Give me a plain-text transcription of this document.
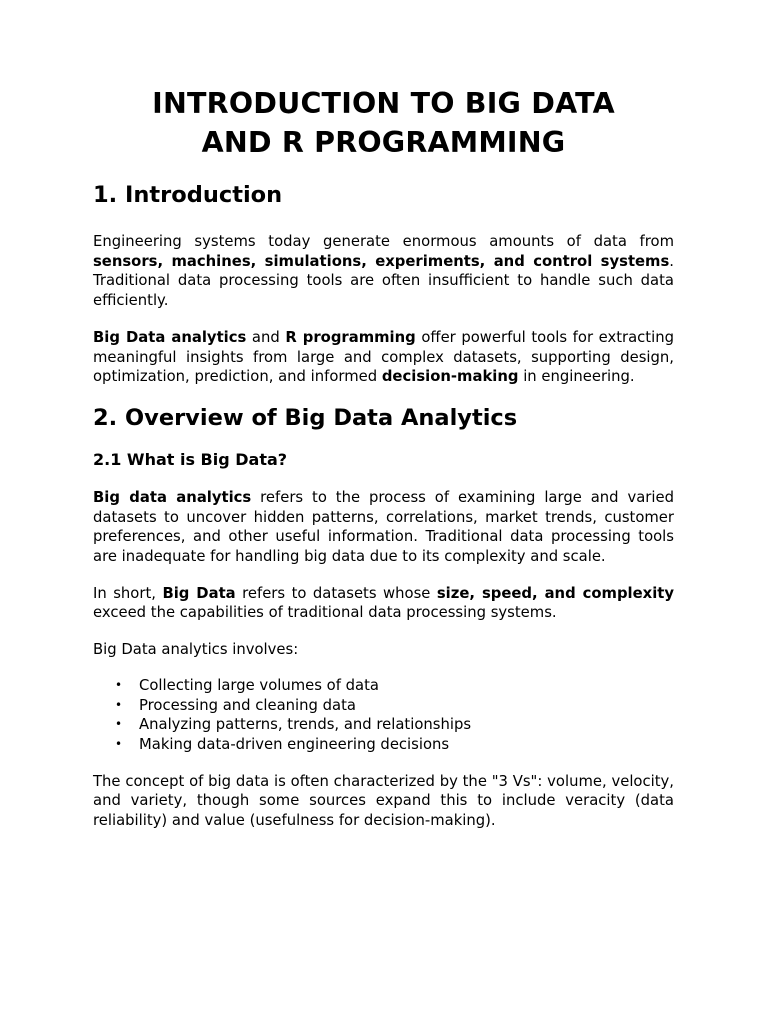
INTRODUCTION TO BIG DATA
AND R PROGRAMMING
1. Introduction

Engineering systems today generate enormous amounts of data from sensors, machines, simulations, experiments, and control systems. Traditional data processing tools are often insufficient to handle such data efficiently.

Big Data analytics and R programming offer powerful tools for extracting meaningful insights from large and complex datasets, supporting design, optimization, prediction, and informed decision-making in engineering.

2. Overview of Big Data Analytics
2.1 What is Big Data?

Big data analytics refers to the process of examining large and varied datasets to uncover hidden patterns, correlations, market trends, customer preferences, and other useful information. Traditional data processing tools are inadequate for handling big data due to its complexity and scale.

In short, Big Data refers to datasets whose size, speed, and complexity exceed the capabilities of traditional data processing systems.

Big Data analytics involves:

• Collecting large volumes of data
• Processing and cleaning data
• Analyzing patterns, trends, and relationships
• Making data-driven engineering decisions

The concept of big data is often characterized by the "3 Vs": volume, velocity, and variety, though some sources expand this to include veracity (data reliability) and value (usefulness for decision-making).
